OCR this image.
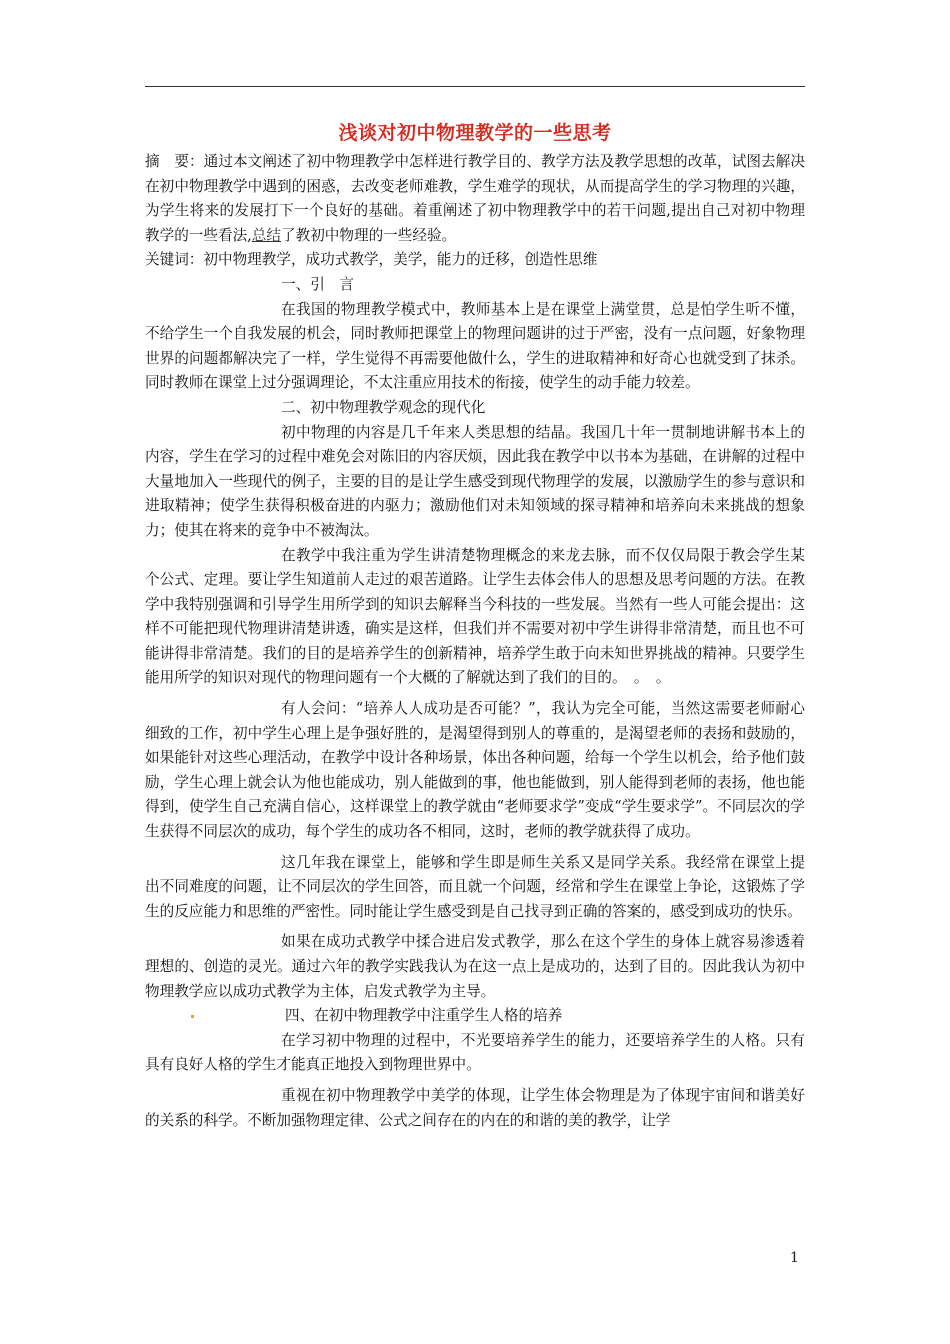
浅谈对初中物理教学的一些思考

摘　要：通过本文阐述了初中物理教学中怎样进行教学目的、教学方法及教学思想的改革，试图去解决在初中物理教学中遇到的困惑，去改变老师难教，学生难学的现状，从而提高学生的学习物理的兴趣，为学生将来的发展打下一个良好的基础。着重阐述了初中物理教学中的若干问题,提出自己对初中物理教学的一些看法,总结了教初中物理的一些经验。

关键词：初中物理教学，成功式教学，美学，能力的迁移，创造性思维

一、引　言

在我国的物理教学模式中，教师基本上是在课堂上满堂贯，总是怕学生听不懂，不给学生一个自我发展的机会，同时教师把课堂上的物理问题讲的过于严密，没有一点问题，好象物理世界的问题都解决完了一样，学生觉得不再需要他做什么，学生的进取精神和好奇心也就受到了抹杀。同时教师在课堂上过分强调理论，不太注重应用技术的衔接，使学生的动手能力较差。

二、初中物理教学观念的现代化

初中物理的内容是几千年来人类思想的结晶。我国几十年一贯制地讲解书本上的内容，学生在学习的过程中难免会对陈旧的内容厌烦，因此我在教学中以书本为基础，在讲解的过程中大量地加入一些现代的例子，主要的目的是让学生感受到现代物理学的发展，以激励学生的参与意识和进取精神；使学生获得积极奋进的内驱力；激励他们对未知领域的探寻精神和培养向未来挑战的想象力；使其在将来的竞争中不被淘汰。

在教学中我注重为学生讲清楚物理概念的来龙去脉，而不仅仅局限于教会学生某个公式、定理。要让学生知道前人走过的艰苦道路。让学生去体会伟人的思想及思考问题的方法。在教学中我特别强调和引导学生用所学到的知识去解释当今科技的一些发展。当然有一些人可能会提出：这样不可能把现代物理讲清楚讲透，确实是这样，但我们并不需要对初中学生讲得非常清楚，而且也不可能讲得非常清楚。我们的目的是培养学生的创新精神，培养学生敢于向未知世界挑战的精神。只要学生能用所学的知识对现代的物理问题有一个大概的了解就达到了我们的目的。　。　。

有人会问：“培养人人成功是否可能？”，我认为完全可能，当然这需要老师耐心细致的工作，初中学生心理上是争强好胜的，是渴望得到别人的尊重的，是渴望老师的表扬和鼓励的，如果能针对这些心理活动，在教学中设计各种场景，体出各种问题，给每一个学生以机会，给予他们鼓励，学生心理上就会认为他也能成功，别人能做到的事，他也能做到，别人能得到老师的表扬，他也能得到，使学生自己充满自信心，这样课堂上的教学就由“老师要求学”变成“学生要求学”。不同层次的学生获得不同层次的成功，每个学生的成功各不相同，这时，老师的教学就获得了成功。

这几年我在课堂上，能够和学生即是师生关系又是同学关系。我经常在课堂上提出不同难度的问题，让不同层次的学生回答，而且就一个问题，经常和学生在课堂上争论，这锻炼了学生的反应能力和思维的严密性。同时能让学生感受到是自己找寻到正确的答案的，感受到成功的快乐。

如果在成功式教学中揉合进启发式教学，那么在这个学生的身体上就容易渗透着理想的、创造的灵光。通过六年的教学实践我认为在这一点上是成功的，达到了目的。因此我认为初中物理教学应以成功式教学为主体，启发式教学为主导。

四、在初中物理教学中注重学生人格的培养

在学习初中物理的过程中，不光要培养学生的能力，还要培养学生的人格。只有具有良好人格的学生才能真正地投入到物理世界中。

重视在初中物理教学中美学的体现，让学生体会物理是为了体现宇宙间和谐美好的关系的科学。不断加强物理定律、公式之间存在的内在的和谐的美的教学，让学

1
